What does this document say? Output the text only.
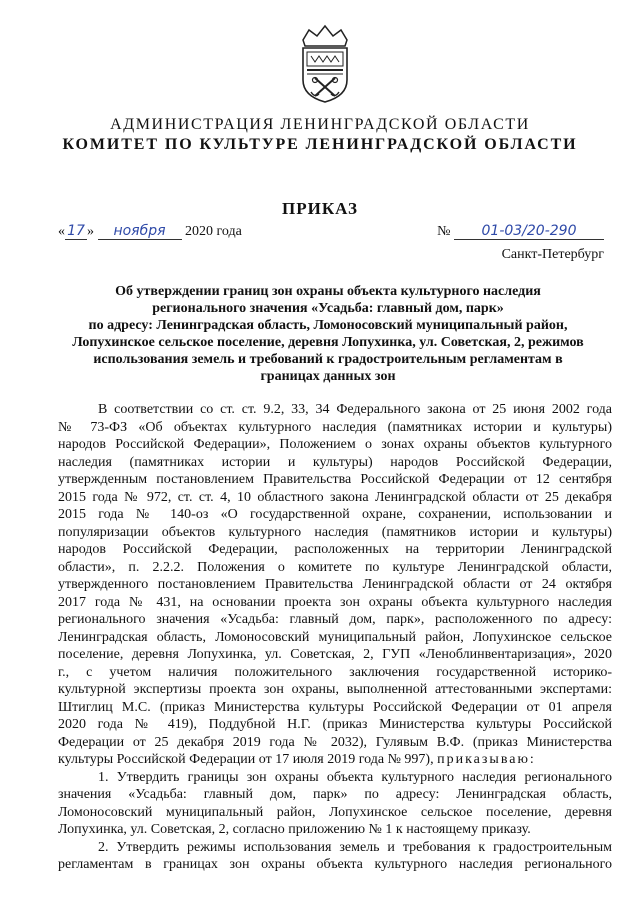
АДМИНИСТРАЦИЯ ЛЕНИНГРАДСКОЙ ОБЛАСТИ
КОМИТЕТ ПО КУЛЬТУРЕ ЛЕНИНГРАДСКОЙ ОБЛАСТИ
ПРИКАЗ
« 17 » ноября 2020 года	№ 01-03/20-290
Санкт-Петербург
Об утверждении границ зон охраны объекта культурного наследия
регионального значения «Усадьба: главный дом, парк»
по адресу: Ленинградская область, Ломоносовский муниципальный район,
Лопухинское сельское поселение, деревня Лопухинка, ул. Советская, 2, режимов
использования земель и требований к градостроительным регламентам в
границах данных зон
В соответствии со ст. ст. 9.2, 33, 34 Федерального закона от 25 июня 2002 года
№ 73-ФЗ «Об объектах культурного наследия (памятниках истории и культуры)
народов Российской Федерации», Положением о зонах охраны объектов культурного
наследия (памятниках истории и культуры) народов Российской Федерации,
утвержденным постановлением Правительства Российской Федерации от 12 сентября
2015 года № 972, ст. ст. 4, 10 областного закона Ленинградской области от 25 декабря
2015 года № 140-оз «О государственной охране, сохранении, использовании и
популяризации объектов культурного наследия (памятников истории и культуры)
народов Российской Федерации, расположенных на территории Ленинградской
области», п. 2.2.2. Положения о комитете по культуре Ленинградской области,
утвержденного постановлением Правительства Ленинградской области от 24 октября
2017 года № 431, на основании проекта зон охраны объекта культурного наследия
регионального значения «Усадьба: главный дом, парк», расположенного по адресу:
Ленинградская область, Ломоносовский муниципальный район, Лопухинское сельское
поселение, деревня Лопухинка, ул. Советская, 2, ГУП «Леноблинвентаризация», 2020
г., с учетом наличия положительного заключения государственной историко-
культурной экспертизы проекта зон охраны, выполненной аттестованными экспертами:
Штиглиц М.С. (приказ Министерства культуры Российской Федерации от 01 апреля
2020 года № 419), Поддубной Н.Г. (приказ Министерства культуры Российской
Федерации от 25 декабря 2019 года № 2032), Гулявым В.Ф. (приказ Министерства
культуры Российской Федерации от 17 июля 2019 года № 997), приказываю:
1. Утвердить границы зон охраны объекта культурного наследия регионального
значения «Усадьба: главный дом, парк» по адресу: Ленинградская область,
Ломоносовский муниципальный район, Лопухинское сельское поселение, деревня
Лопухинка, ул. Советская, 2, согласно приложению № 1 к настоящему приказу.
2. Утвердить режимы использования земель и требования к градостроительным
регламентам в границах зон охраны объекта культурного наследия регионального
